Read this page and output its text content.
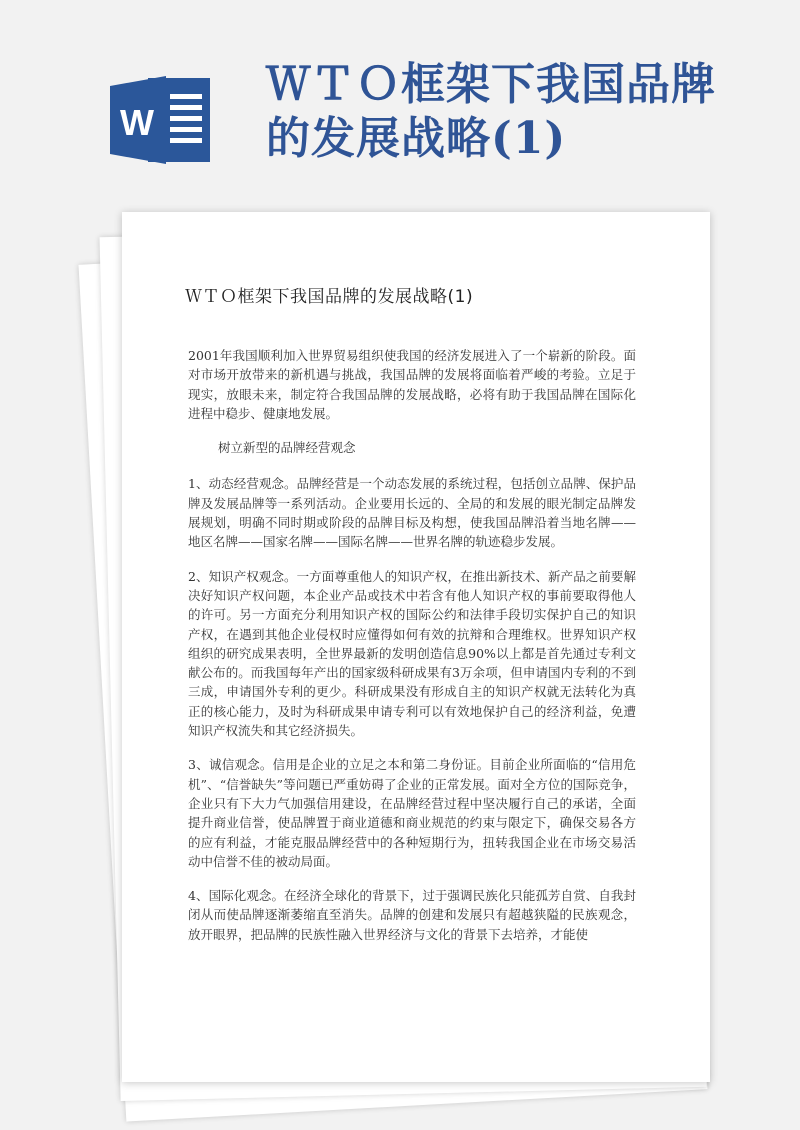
W
ＷＴＯ框架下我国品牌
的发展战略(1)
ＷＴＯ框架下我国品牌的发展战略(1)

2001年我国顺利加入世界贸易组织使我国的经济发展进入了一个崭新的阶段。面对市场开放带来的新机遇与挑战，我国品牌的发展将面临着严峻的考验。立足于现实，放眼未来，制定符合我国品牌的发展战略，必将有助于我国品牌在国际化进程中稳步、健康地发展。

树立新型的品牌经营观念

1、动态经营观念。品牌经营是一个动态发展的系统过程，包括创立品牌、保护品牌及发展品牌等一系列活动。企业要用长远的、全局的和发展的眼光制定品牌发展规划，明确不同时期或阶段的品牌目标及构想，使我国品牌沿着当地名牌——地区名牌——国家名牌——国际名牌——世界名牌的轨迹稳步发展。

2、知识产权观念。一方面尊重他人的知识产权，在推出新技术、新产品之前要解决好知识产权问题，本企业产品或技术中若含有他人知识产权的事前要取得他人的许可。另一方面充分利用知识产权的国际公约和法律手段切实保护自己的知识产权，在遇到其他企业侵权时应懂得如何有效的抗辩和合理维权。世界知识产权组织的研究成果表明，全世界最新的发明创造信息90%以上都是首先通过专利文献公布的。而我国每年产出的国家级科研成果有3万余项，但申请国内专利的不到三成，申请国外专利的更少。科研成果没有形成自主的知识产权就无法转化为真正的核心能力，及时为科研成果申请专利可以有效地保护自己的经济利益，免遭知识产权流失和其它经济损失。

3、诚信观念。信用是企业的立足之本和第二身份证。目前企业所面临的“信用危机”、“信誉缺失”等问题已严重妨碍了企业的正常发展。面对全方位的国际竞争，企业只有下大力气加强信用建设，在品牌经营过程中坚决履行自己的承诺，全面提升商业信誉，使品牌置于商业道德和商业规范的约束与限定下，确保交易各方的应有利益，才能克服品牌经营中的各种短期行为，扭转我国企业在市场交易活动中信誉不佳的被动局面。

4、国际化观念。在经济全球化的背景下，过于强调民族化只能孤芳自赏、自我封闭从而使品牌逐渐萎缩直至消失。品牌的创建和发展只有超越狭隘的民族观念，放开眼界，把品牌的民族性融入世界经济与文化的背景下去培养，才能使
